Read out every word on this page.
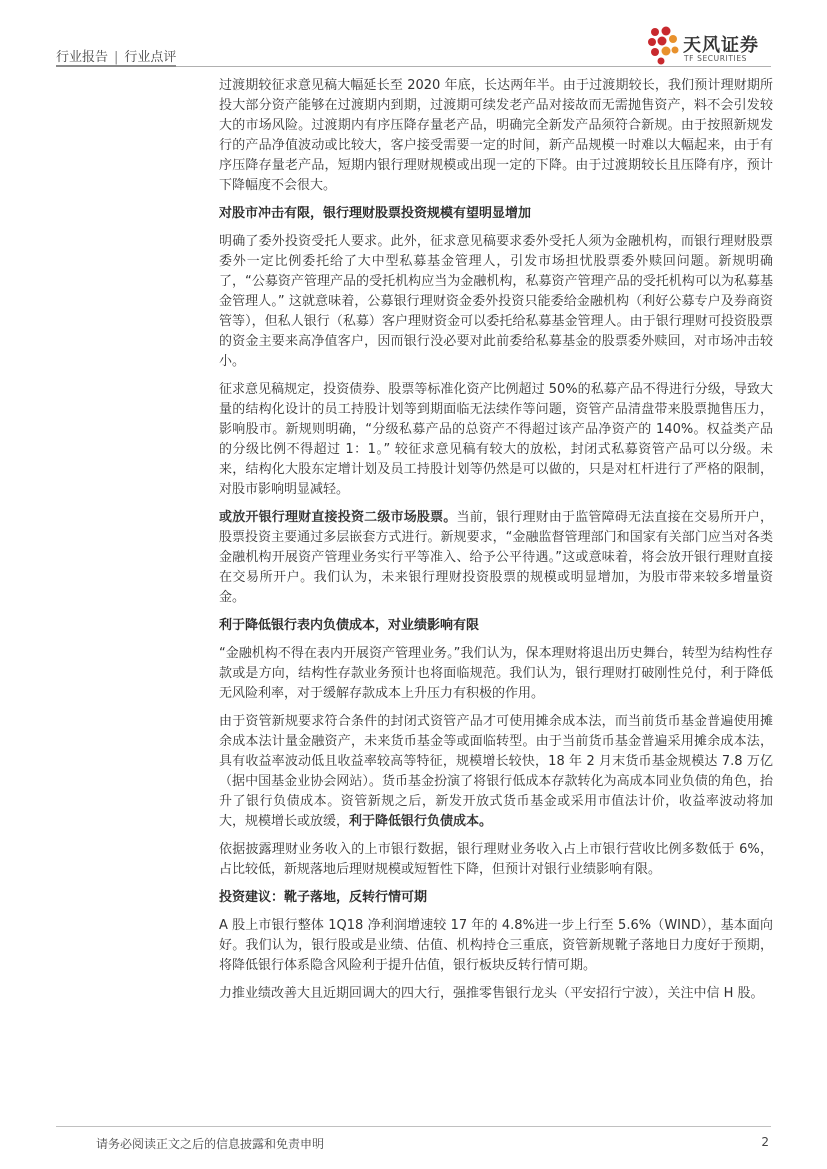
行业报告 | 行业点评
天风证券
TF SECURITIES

过渡期较征求意见稿大幅延长至 2020 年底，长达两年半。由于过渡期较长，我们预计理财期所投大部分资产能够在过渡期内到期，过渡期可续发老产品对接故而无需抛售资产，料不会引发较大的市场风险。过渡期内有序压降存量老产品，明确完全新发产品须符合新规。由于按照新规发行的产品净值波动或比较大，客户接受需要一定的时间，新产品规模一时难以大幅起来，由于有序压降存量老产品，短期内银行理财规模或出现一定的下降。由于过渡期较长且压降有序，预计下降幅度不会很大。

对股市冲击有限，银行理财股票投资规模有望明显增加

明确了委外投资受托人要求。此外，征求意见稿要求委外受托人须为金融机构，而银行理财股票委外一定比例委托给了大中型私募基金管理人，引发市场担忧股票委外赎回问题。新规明确了，“公募资产管理产品的受托机构应当为金融机构，私募资产管理产品的受托机构可以为私募基金管理人。” 这就意味着，公募银行理财资金委外投资只能委给金融机构（利好公募专户及券商资管等），但私人银行（私募）客户理财资金可以委托给私募基金管理人。由于银行理财可投资股票的资金主要来高净值客户，因而银行没必要对此前委给私募基金的股票委外赎回，对市场冲击较小。

征求意见稿规定，投资债券、股票等标准化资产比例超过 50%的私募产品不得进行分级，导致大量的结构化设计的员工持股计划等到期面临无法续作等问题，资管产品清盘带来股票抛售压力，影响股市。新规则明确，“分级私募产品的总资产不得超过该产品净资产的 140%。权益类产品的分级比例不得超过 1：1。” 较征求意见稿有较大的放松，封闭式私募资管产品可以分级。未来，结构化大股东定增计划及员工持股计划等仍然是可以做的，只是对杠杆进行了严格的限制，对股市影响明显减轻。

或放开银行理财直接投资二级市场股票。当前，银行理财由于监管障碍无法直接在交易所开户，股票投资主要通过多层嵌套方式进行。新规要求，“金融监督管理部门和国家有关部门应当对各类金融机构开展资产管理业务实行平等准入、给予公平待遇。”这或意味着，将会放开银行理财直接在交易所开户。我们认为，未来银行理财投资股票的规模或明显增加，为股市带来较多增量资金。

利于降低银行表内负债成本，对业绩影响有限

“金融机构不得在表内开展资产管理业务。”我们认为，保本理财将退出历史舞台，转型为结构性存款或是方向，结构性存款业务预计也将面临规范。我们认为，银行理财打破刚性兑付，利于降低无风险利率，对于缓解存款成本上升压力有积极的作用。

由于资管新规要求符合条件的封闭式资管产品才可使用摊余成本法，而当前货币基金普遍使用摊余成本法计量金融资产，未来货币基金等或面临转型。由于当前货币基金普遍采用摊余成本法，具有收益率波动低且收益率较高等特征，规模增长较快，18 年 2 月末货币基金规模达 7.8 万亿（据中国基金业协会网站）。货币基金扮演了将银行低成本存款转化为高成本同业负债的角色，抬升了银行负债成本。资管新规之后，新发开放式货币基金或采用市值法计价，收益率波动将加大，规模增长或放缓，利于降低银行负债成本。

依据披露理财业务收入的上市银行数据，银行理财业务收入占上市银行营收比例多数低于 6%，占比较低，新规落地后理财规模或短暂性下降，但预计对银行业绩影响有限。

投资建议：靴子落地，反转行情可期

A 股上市银行整体 1Q18 净利润增速较 17 年的 4.8%进一步上行至 5.6%（WIND），基本面向好。我们认为，银行股或是业绩、估值、机构持仓三重底，资管新规靴子落地日力度好于预期，将降低银行体系隐含风险利于提升估值，银行板块反转行情可期。

力推业绩改善大且近期回调大的四大行，强推零售银行龙头（平安招行宁波），关注中信 H 股。

请务必阅读正文之后的信息披露和免责申明	2
